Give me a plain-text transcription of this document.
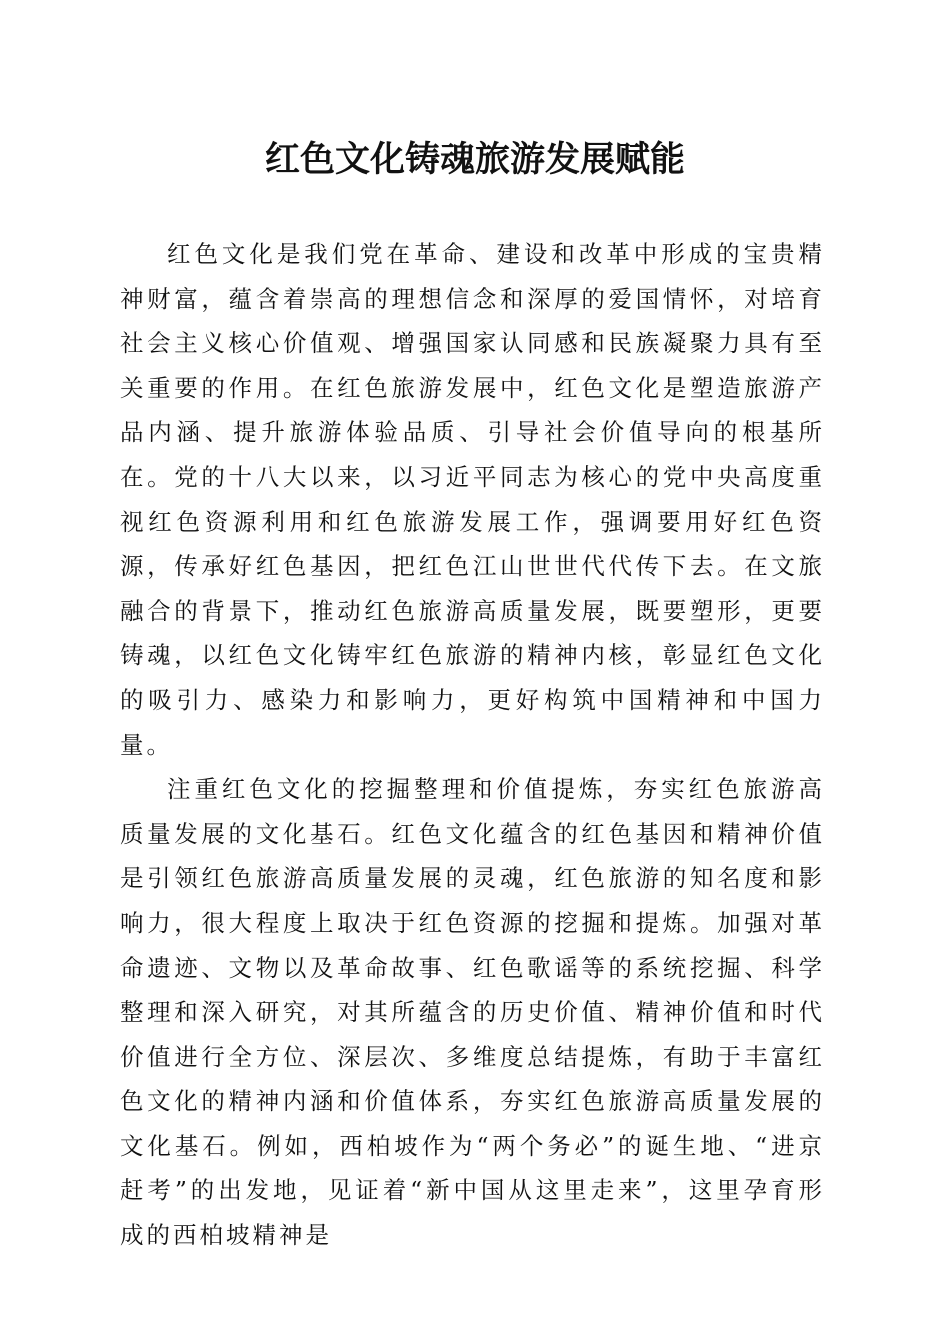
红色文化铸魂旅游发展赋能

红色文化是我们党在革命、建设和改革中形成的宝贵精神财富，蕴含着崇高的理想信念和深厚的爱国情怀，对培育社会主义核心价值观、增强国家认同感和民族凝聚力具有至关重要的作用。在红色旅游发展中，红色文化是塑造旅游产品内涵、提升旅游体验品质、引导社会价值导向的根基所在。党的十八大以来，以习近平同志为核心的党中央高度重视红色资源利用和红色旅游发展工作，强调要用好红色资源，传承好红色基因，把红色江山世世代代传下去。在文旅融合的背景下，推动红色旅游高质量发展，既要塑形，更要铸魂，以红色文化铸牢红色旅游的精神内核，彰显红色文化的吸引力、感染力和影响力，更好构筑中国精神和中国力量。

注重红色文化的挖掘整理和价值提炼，夯实红色旅游高质量发展的文化基石。红色文化蕴含的红色基因和精神价值是引领红色旅游高质量发展的灵魂，红色旅游的知名度和影响力，很大程度上取决于红色资源的挖掘和提炼。加强对革命遗迹、文物以及革命故事、红色歌谣等的系统挖掘、科学整理和深入研究，对其所蕴含的历史价值、精神价值和时代价值进行全方位、深层次、多维度总结提炼，有助于丰富红色文化的精神内涵和价值体系，夯实红色旅游高质量发展的文化基石。例如，西柏坡作为“两个务必”的诞生地、“进京赶考”的出发地，见证着“新中国从这里走来”，这里孕育形成的西柏坡精神是
